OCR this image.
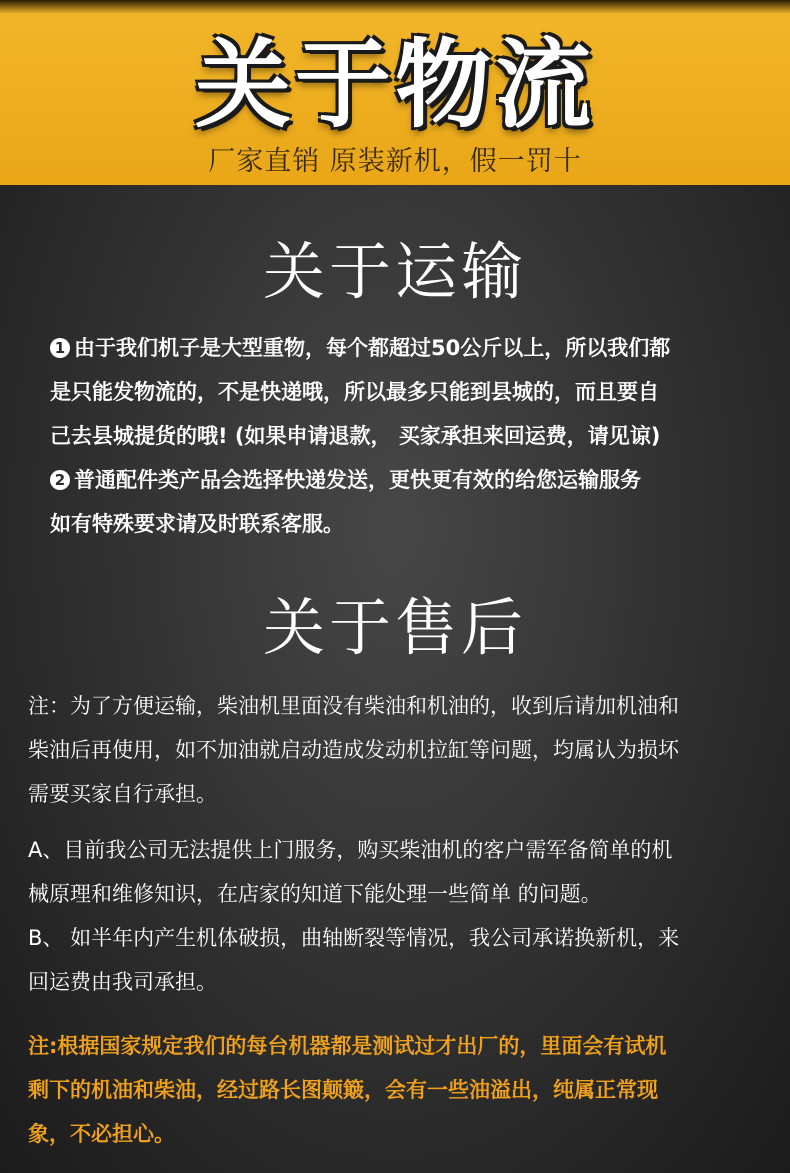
关于物流
厂家直销 原装新机，假一罚十
关于运输

1 由于我们机子是大型重物，每个都超过50公斤以上，所以我们都

是只能发物流的，不是快递哦，所以最多只能到县城的，而且要自

己去县城提货的哦! (如果申请退款， 买家承担来回运费，请见谅)

2 普通配件类产品会选择快递发送，更快更有效的给您运输服务

如有特殊要求请及时联系客服。

关于售后

注：为了方便运输，柴油机里面没有柴油和机油的，收到后请加机油和

柴油后再使用，如不加油就启动造成发动机拉缸等问题，均属认为损坏

需要买家自行承担。

A、目前我公司无法提供上门服务，购买柴油机的客户需军备简单的机

械原理和维修知识，在店家的知道下能处理一些简单 的问题。

B、 如半年内产生机体破损，曲轴断裂等情况，我公司承诺换新机，来

回运费由我司承担。

注:根据国家规定我们的每台机器都是测试过才出厂的，里面会有试机

剩下的机油和柴油，经过路长图颠簸，会有一些油溢出，纯属正常现

象，不必担心。
